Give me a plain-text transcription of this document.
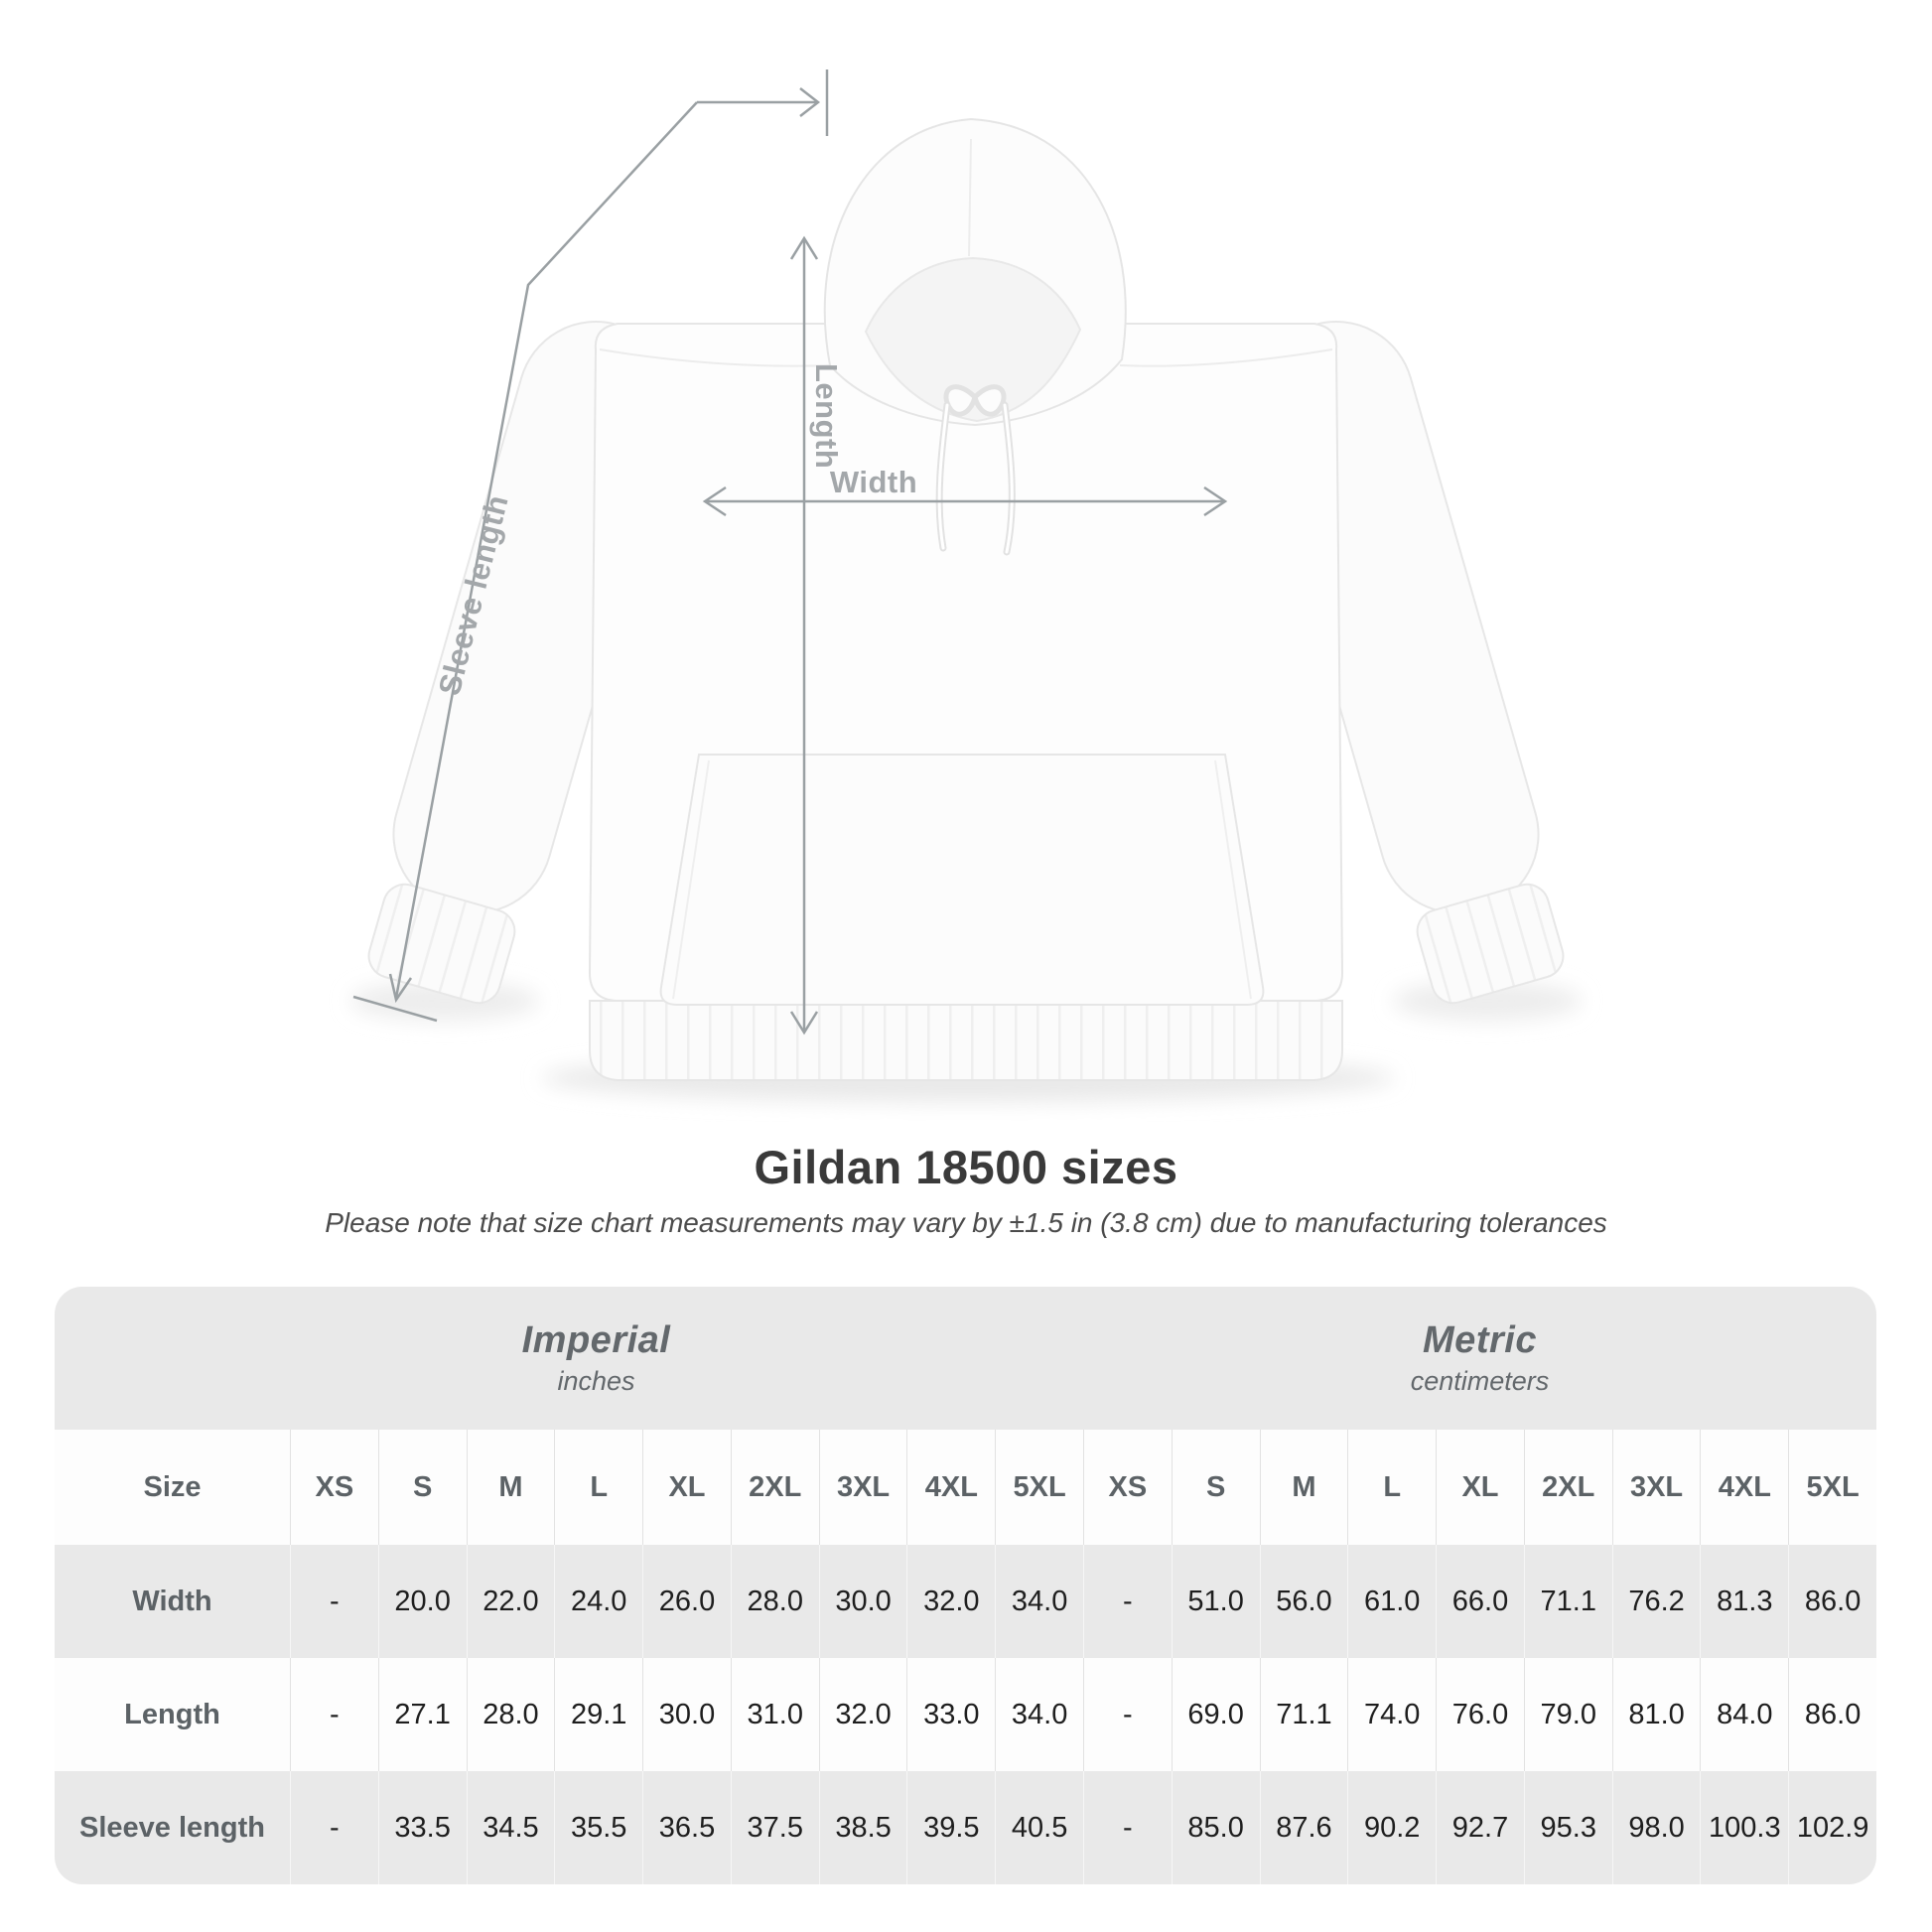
Width
Length
Sleeve length
Gildan 18500 sizes
Please note that size chart measurements may vary by ±1.5 in (3.8 cm) due to manufacturing tolerances
Imperial
inches
Metric
centimeters
Size	XS	S	M	L	XL	2XL	3XL	4XL	5XL	XS	S	M	L	XL	2XL	3XL	4XL	5XL
Width	-	20.0	22.0	24.0	26.0	28.0	30.0	32.0	34.0	-	51.0	56.0	61.0	66.0	71.1	76.2	81.3	86.0
Length	-	27.1	28.0	29.1	30.0	31.0	32.0	33.0	34.0	-	69.0	71.1	74.0	76.0	79.0	81.0	84.0	86.0
Sleeve length	-	33.5	34.5	35.5	36.5	37.5	38.5	39.5	40.5	-	85.0	87.6	90.2	92.7	95.3	98.0 100.3 102.9
